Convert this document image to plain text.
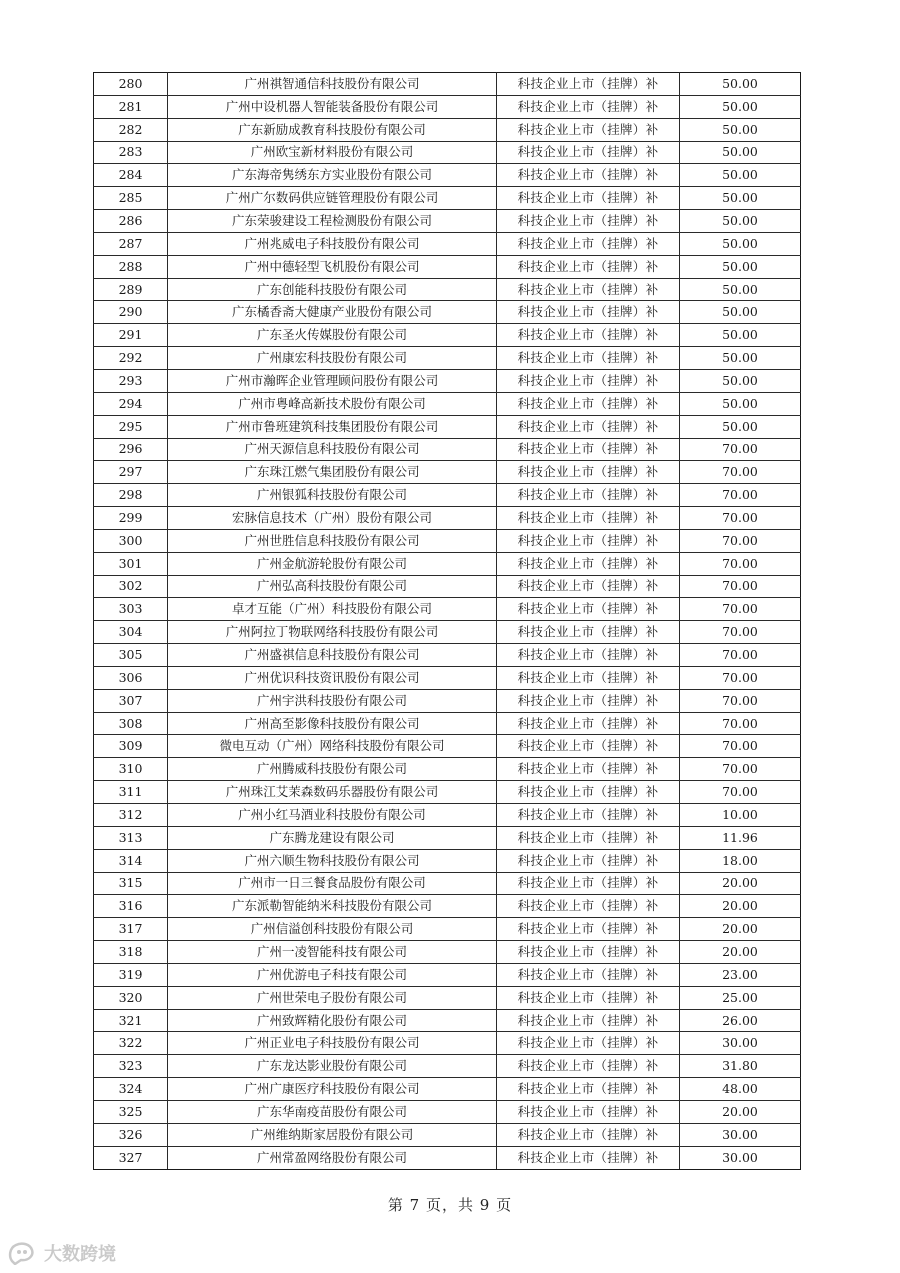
280	广州祺智通信科技股份有限公司	科技企业上市（挂牌）补	50.00
281	广州中设机器人智能装备股份有限公司	科技企业上市（挂牌）补	50.00
282	广东新励成教育科技股份有限公司	科技企业上市（挂牌）补	50.00
283	广州欧宝新材料股份有限公司	科技企业上市（挂牌）补	50.00
284	广东海帝隽绣东方实业股份有限公司	科技企业上市（挂牌）补	50.00
285	广州广尔数码供应链管理股份有限公司	科技企业上市（挂牌）补	50.00
286	广东荣骏建设工程检测股份有限公司	科技企业上市（挂牌）补	50.00
287	广州兆威电子科技股份有限公司	科技企业上市（挂牌）补	50.00
288	广州中德轻型飞机股份有限公司	科技企业上市（挂牌）补	50.00
289	广东创能科技股份有限公司	科技企业上市（挂牌）补	50.00
290	广东橘香斋大健康产业股份有限公司	科技企业上市（挂牌）补	50.00
291	广东圣火传媒股份有限公司	科技企业上市（挂牌）补	50.00
292	广州康宏科技股份有限公司	科技企业上市（挂牌）补	50.00
293	广州市瀚晖企业管理顾问股份有限公司	科技企业上市（挂牌）补	50.00
294	广州市粤峰高新技术股份有限公司	科技企业上市（挂牌）补	50.00
295	广州市鲁班建筑科技集团股份有限公司	科技企业上市（挂牌）补	50.00
296	广州天源信息科技股份有限公司	科技企业上市（挂牌）补	70.00
297	广东珠江燃气集团股份有限公司	科技企业上市（挂牌）补	70.00
298	广州银狐科技股份有限公司	科技企业上市（挂牌）补	70.00
299	宏脉信息技术（广州）股份有限公司	科技企业上市（挂牌）补	70.00
300	广州世胜信息科技股份有限公司	科技企业上市（挂牌）补	70.00
301	广州金航游轮股份有限公司	科技企业上市（挂牌）补	70.00
302	广州弘高科技股份有限公司	科技企业上市（挂牌）补	70.00
303	卓才互能（广州）科技股份有限公司	科技企业上市（挂牌）补	70.00
304	广州阿拉丁物联网络科技股份有限公司	科技企业上市（挂牌）补	70.00
305	广州盛祺信息科技股份有限公司	科技企业上市（挂牌）补	70.00
306	广州优识科技资讯股份有限公司	科技企业上市（挂牌）补	70.00
307	广州宇洪科技股份有限公司	科技企业上市（挂牌）补	70.00
308	广州高至影像科技股份有限公司	科技企业上市（挂牌）补	70.00
309	微电互动（广州）网络科技股份有限公司	科技企业上市（挂牌）补	70.00
310	广州腾威科技股份有限公司	科技企业上市（挂牌）补	70.00
311	广州珠江艾茉森数码乐器股份有限公司	科技企业上市（挂牌）补	70.00
312	广州小红马酒业科技股份有限公司	科技企业上市（挂牌）补	10.00
313	广东腾龙建设有限公司	科技企业上市（挂牌）补	11.96
314	广州六顺生物科技股份有限公司	科技企业上市（挂牌）补	18.00
315	广州市一日三餐食品股份有限公司	科技企业上市（挂牌）补	20.00
316	广东派勒智能纳米科技股份有限公司	科技企业上市（挂牌）补	20.00
317	广州信溢创科技股份有限公司	科技企业上市（挂牌）补	20.00
318	广州一凌智能科技有限公司	科技企业上市（挂牌）补	20.00
319	广州优游电子科技有限公司	科技企业上市（挂牌）补	23.00
320	广州世荣电子股份有限公司	科技企业上市（挂牌）补	25.00
321	广州致辉精化股份有限公司	科技企业上市（挂牌）补	26.00
322	广州正业电子科技股份有限公司	科技企业上市（挂牌）补	30.00
323	广东龙达影业股份有限公司	科技企业上市（挂牌）补	31.80
324	广州广康医疗科技股份有限公司	科技企业上市（挂牌）补	48.00
325	广东华南疫苗股份有限公司	科技企业上市（挂牌）补	20.00
326	广州维纳斯家居股份有限公司	科技企业上市（挂牌）补	30.00
327	广州常盈网络股份有限公司	科技企业上市（挂牌）补	30.00
第 7 页，共 9 页
大数跨境
